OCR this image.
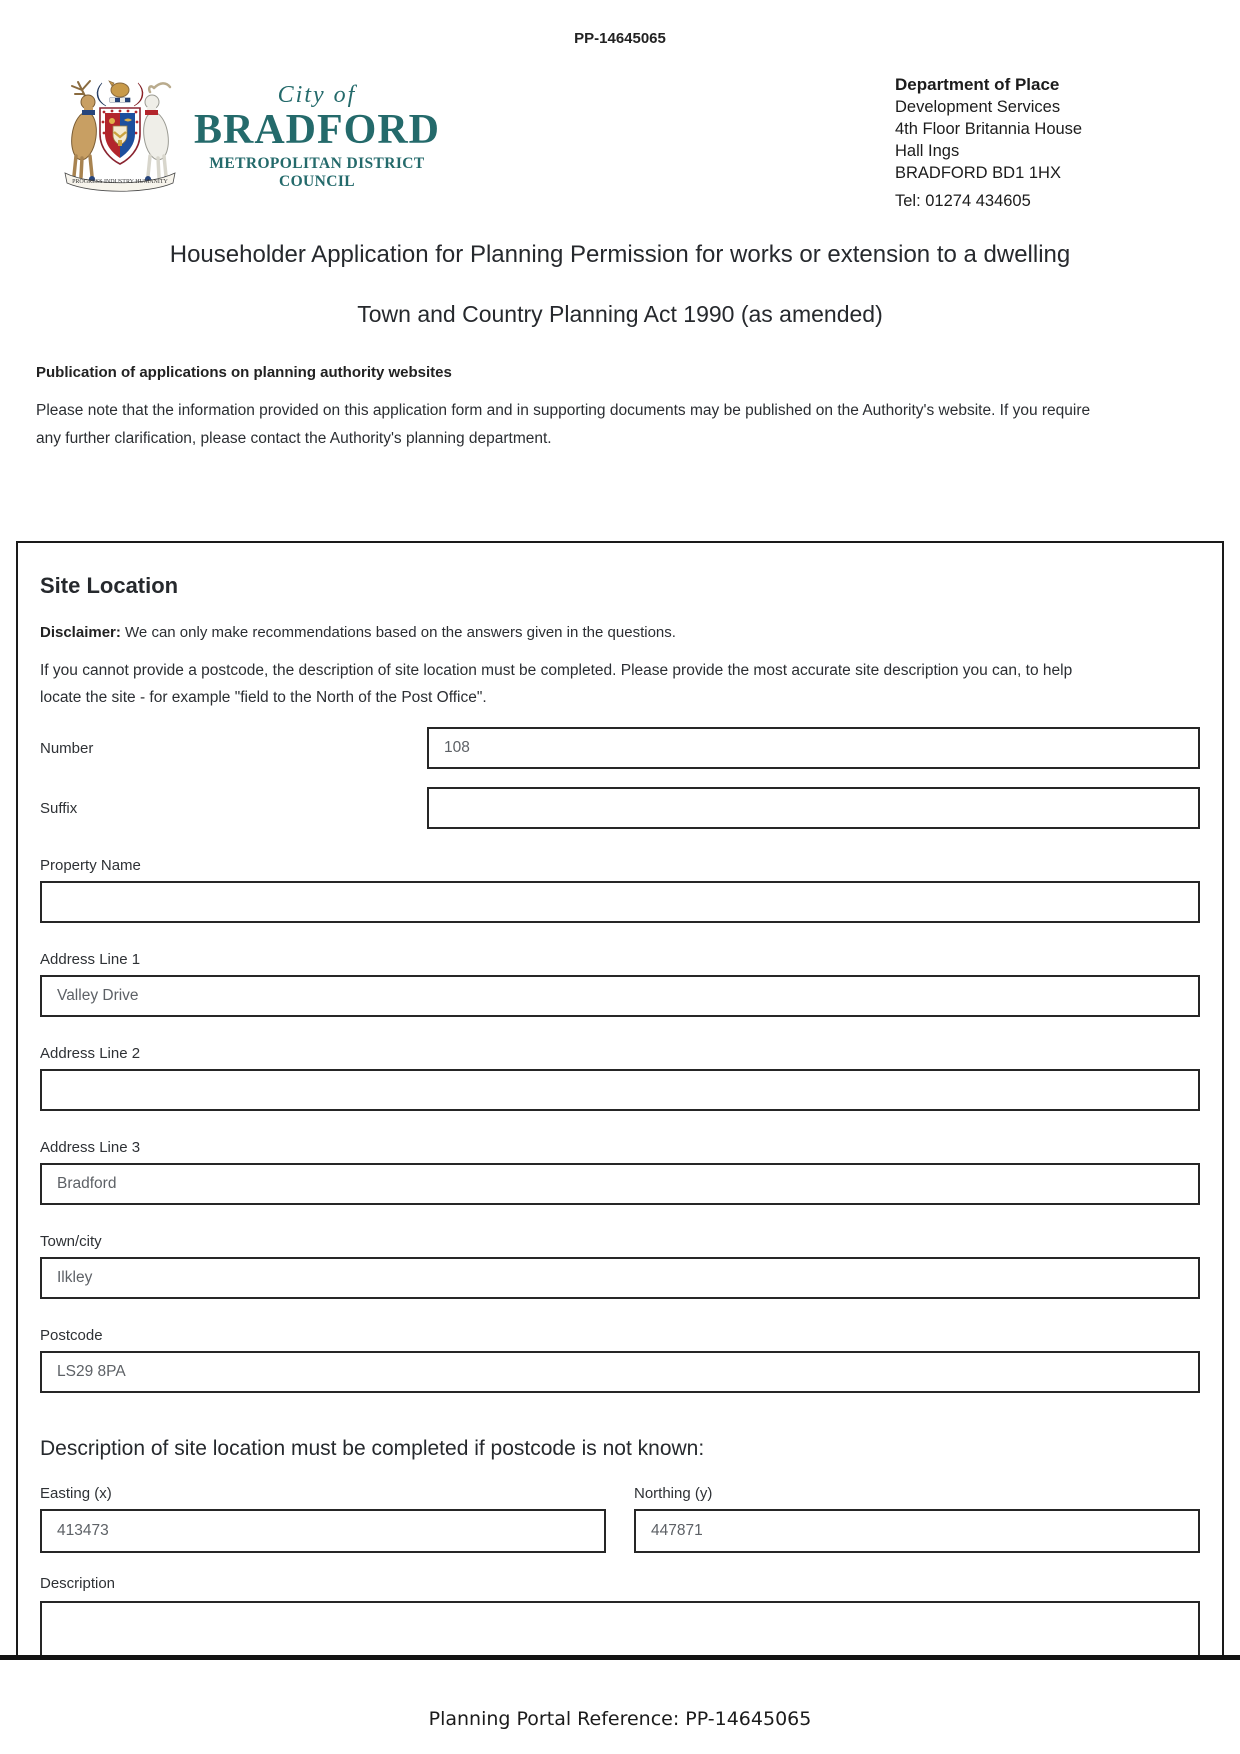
PP-14645065
PROGRESS INDUSTRY HUMANITY
City of
BRADFORD
METROPOLITAN DISTRICT COUNCIL
Department of Place
Development Services
4th Floor Britannia House
Hall Ings
BRADFORD BD1 1HX
Tel: 01274 434605
Householder Application for Planning Permission for works or extension to a dwelling
Town and Country Planning Act 1990 (as amended)
Publication of applications on planning authority websites

Please note that the information provided on this application form and in supporting documents may be published on the Authority's website. If you require any further clarification, please contact the Authority's planning department.

Site Location

Disclaimer: We can only make recommendations based on the answers given in the questions.

If you cannot provide a postcode, the description of site location must be completed. Please provide the most accurate site description you can, to help locate the site - for example "field to the North of the Post Office".

Number
108
Suffix
Property Name
Address Line 1
Valley Drive
Address Line 2
Address Line 3
Bradford
Town/city
Ilkley
Postcode
LS29 8PA
Description of site location must be completed if postcode is not known:
Easting (x)
413473	Northing (y)
447871
Description
Planning Portal Reference: PP-14645065
